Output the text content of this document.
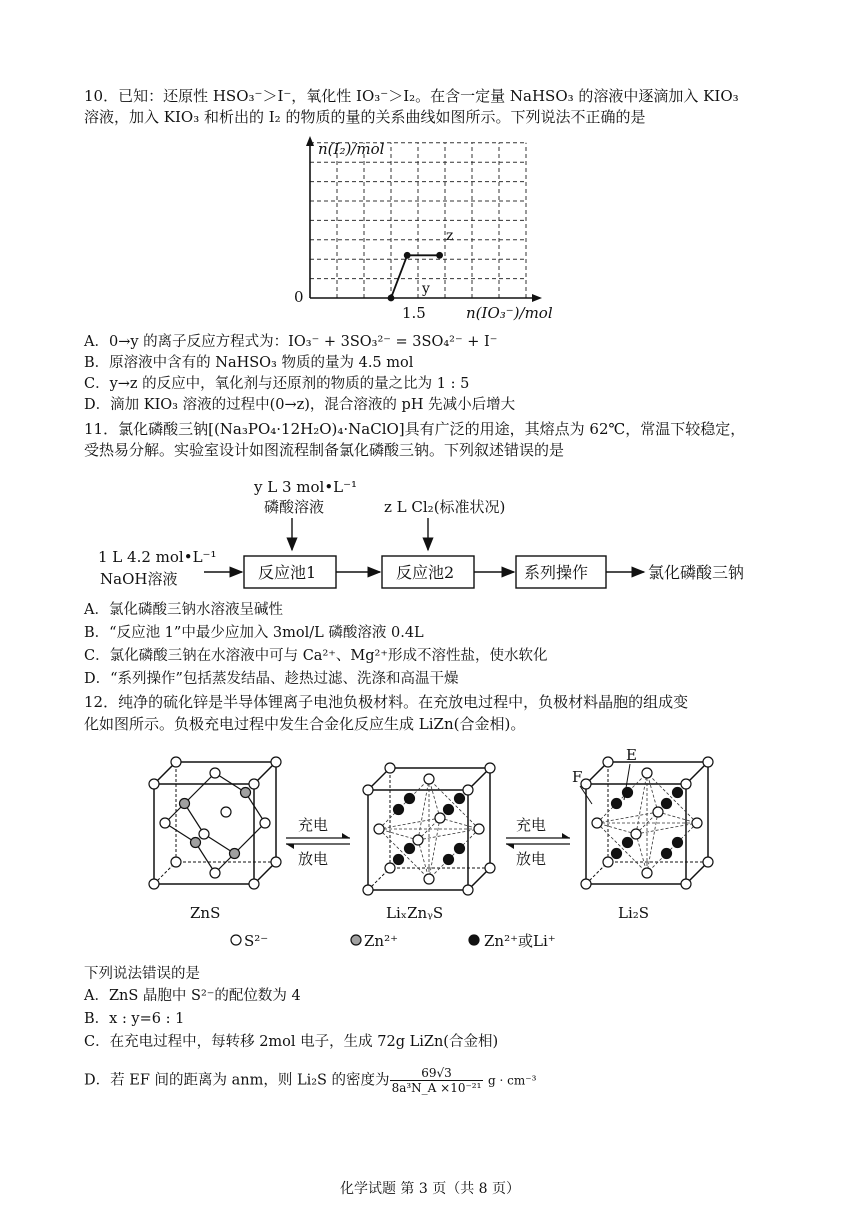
10．已知：还原性 HSO₃⁻＞I⁻，氧化性 IO₃⁻＞I₂。在含一定量 NaHSO₃ 的溶液中逐滴加入 KIO₃
溶液，加入 KIO₃ 和析出的 I₂ 的物质的量的关系曲线如图所示。下列说法不正确的是
n(I₂)/mol
0
1.5	n(IO₃⁻)/mol
y
z
A．0→y 的离子反应方程式为：IO₃⁻ + 3SO₃²⁻ = 3SO₄²⁻ + I⁻
B．原溶液中含有的 NaHSO₃ 物质的量为 4.5 mol
C．y→z 的反应中，氧化剂与还原剂的物质的量之比为 1 : 5
D．滴加 KIO₃ 溶液的过程中(0→z)，混合溶液的 pH 先减小后增大
11．氯化磷酸三钠[(Na₃PO₄·12H₂O)₄·NaClO]具有广泛的用途，其熔点为 62℃，常温下较稳定，
受热易分解。实验室设计如图流程制备氯化磷酸三钠。下列叙述错误的是
y L 3 mol•L⁻¹
磷酸溶液	z L Cl₂(标准状况)
1 L 4.2 mol•L⁻¹
NaOH溶液	反应池1	反应池2	系列操作	氯化磷酸三钠
A．氯化磷酸三钠水溶液呈碱性
B．“反应池 1”中最少应加入 3mol/L 磷酸溶液 0.4L
C．氯化磷酸三钠在水溶液中可与 Ca²⁺、Mg²⁺形成不溶性盐，使水软化
D．“系列操作”包括蒸发结晶、趁热过滤、洗涤和高温干燥
12．纯净的硫化锌是半导体锂离子电池负极材料。在充放电过程中，负极材料晶胞的组成变
化如图所示。负极充电过程中发生合金化反应生成 LiZn(合金相)。
充电
放电
充电
放电
ZnS	LiₓZnᵧS	Li₂S
F
E
S²⁻	Zn²⁺	Zn²⁺或Li⁺
下列说法错误的是
A．ZnS 晶胞中 S²⁻的配位数为 4
B．x : y=6 : 1
C．在充电过程中，每转移 2mol 电子，生成 72g LiZn(合金相)
D．若 EF 间的距离为 anm，则 Li₂S 的密度为 $\frac{69√3}{\text{8a³N\_A ×10⁻²¹}}$ g · cm⁻³
化学试题 第 3 页（共 8 页）
